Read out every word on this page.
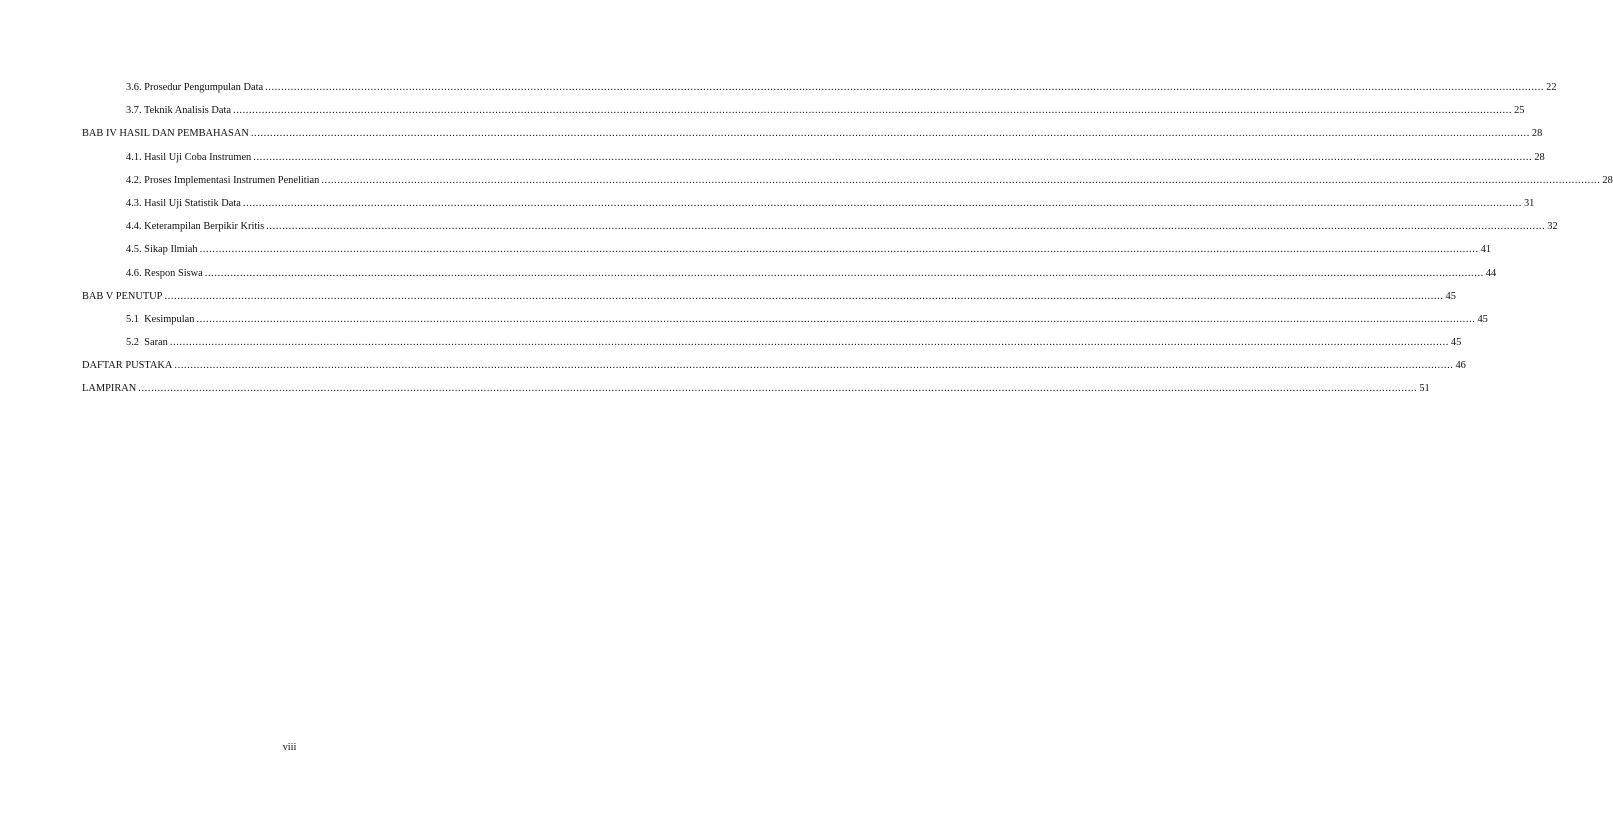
3.6. Prosedur Pengumpulan Data ................................................................................................................................................................................................................................................................................................................................................................................................................ 22
3.7. Teknik Analisis Data ................................................................................................................................................................................................................................................................................................................................................................................................................ 25
BAB IV HASIL DAN PEMBAHASAN ................................................................................................................................................................................................................................................................................................................................................................................................................ 28
4.1. Hasil Uji Coba Instrumen ................................................................................................................................................................................................................................................................................................................................................................................................................ 28
4.2. Proses Implementasi Instrumen Penelitian ................................................................................................................................................................................................................................................................................................................................................................................................................ 28
4.3. Hasil Uji Statistik Data ................................................................................................................................................................................................................................................................................................................................................................................................................ 31
4.4. Keterampilan Berpikir Kritis ................................................................................................................................................................................................................................................................................................................................................................................................................ 32
4.5. Sikap Ilmiah ................................................................................................................................................................................................................................................................................................................................................................................................................ 41
4.6. Respon Siswa ................................................................................................................................................................................................................................................................................................................................................................................................................ 44
BAB V PENUTUP ................................................................................................................................................................................................................................................................................................................................................................................................................ 45
5.1  Kesimpulan ................................................................................................................................................................................................................................................................................................................................................................................................................ 45
5.2  Saran ................................................................................................................................................................................................................................................................................................................................................................................................................ 45
DAFTAR PUSTAKA ................................................................................................................................................................................................................................................................................................................................................................................................................ 46
LAMPIRAN ................................................................................................................................................................................................................................................................................................................................................................................................................ 51
viii
